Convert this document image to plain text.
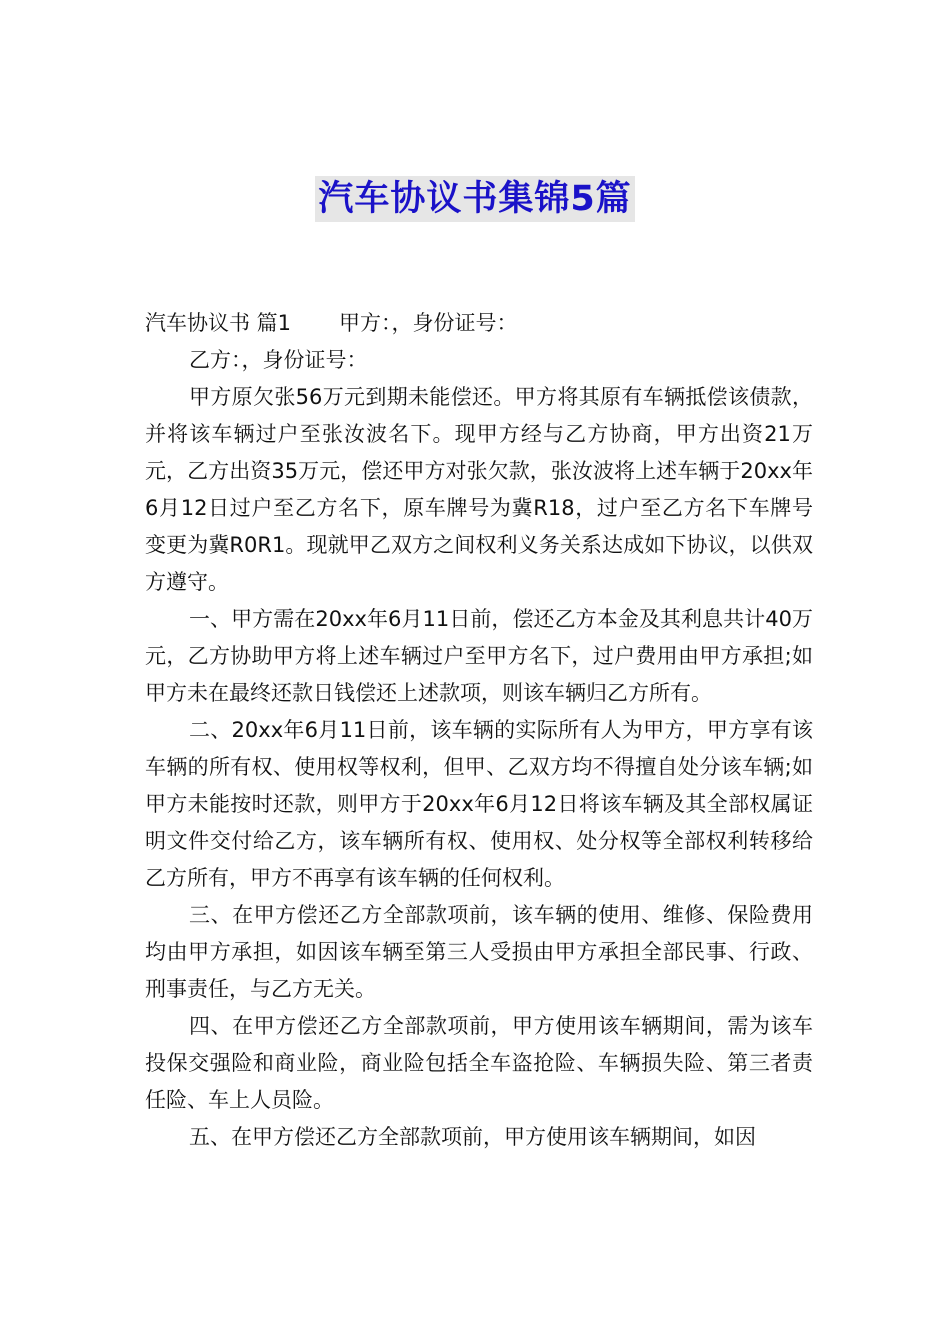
汽车协议书集锦5篇

汽车协议书 篇1 甲方：，身份证号：

乙方：，身份证号：

甲方原欠张56万元到期未能偿还。甲方将其原有车辆抵偿该债款，并将该车辆过户至张汝波名下。现甲方经与乙方协商，甲方出资21万元，乙方出资35万元，偿还甲方对张欠款，张汝波将上述车辆于20xx年6月12日过户至乙方名下，原车牌号为冀R18，过户至乙方名下车牌号变更为冀R0R1。现就甲乙双方之间权利义务关系达成如下协议，以供双方遵守。

一、甲方需在20xx年6月11日前，偿还乙方本金及其利息共计40万元，乙方协助甲方将上述车辆过户至甲方名下，过户费用由甲方承担;如甲方未在最终还款日钱偿还上述款项，则该车辆归乙方所有。

二、20xx年6月11日前，该车辆的实际所有人为甲方，甲方享有该车辆的所有权、使用权等权利，但甲、乙双方均不得擅自处分该车辆;如甲方未能按时还款，则甲方于20xx年6月12日将该车辆及其全部权属证明文件交付给乙方，该车辆所有权、使用权、处分权等全部权利转移给乙方所有，甲方不再享有该车辆的任何权利。

三、在甲方偿还乙方全部款项前，该车辆的使用、维修、保险费用均由甲方承担，如因该车辆至第三人受损由甲方承担全部民事、行政、刑事责任，与乙方无关。

四、在甲方偿还乙方全部款项前，甲方使用该车辆期间，需为该车投保交强险和商业险，商业险包括全车盗抢险、车辆损失险、第三者责任险、车上人员险。

五、在甲方偿还乙方全部款项前，甲方使用该车辆期间，如因
